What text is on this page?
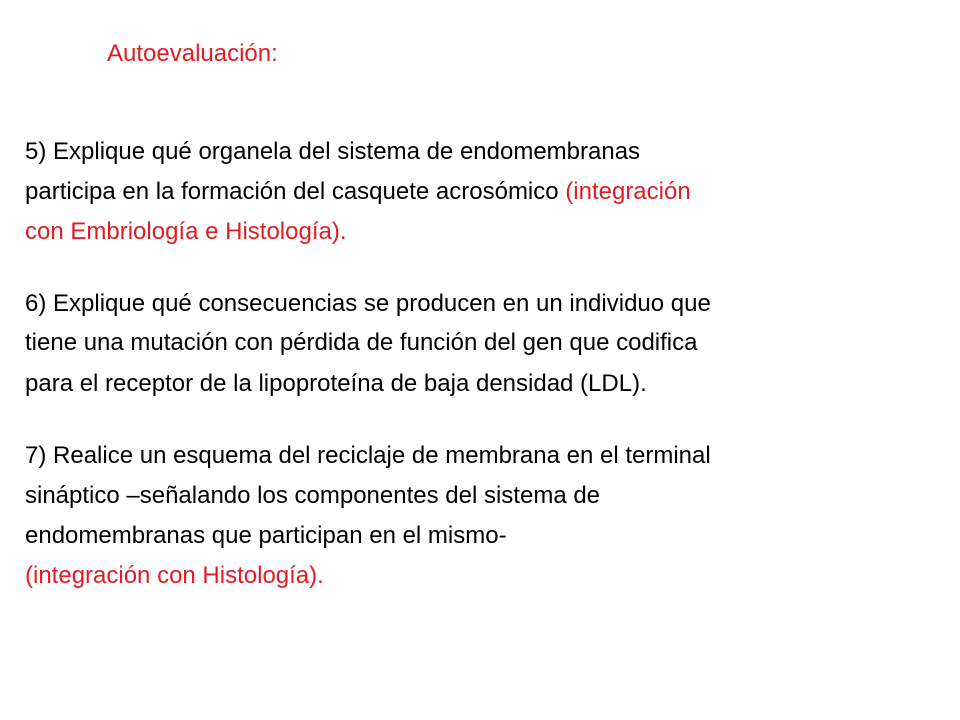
Autoevaluación:
5) Explique qué organela del sistema de endomembranas
participa en la formación del casquete acrosómico (integración
con Embriología e Histología).
6) Explique qué consecuencias se producen en un individuo que
tiene una mutación con pérdida de función del gen que codifica
para el receptor de la lipoproteína de baja densidad (LDL).
7) Realice un esquema del reciclaje de membrana en el terminal
sináptico –señalando los componentes del sistema de
endomembranas que participan en el mismo-
(integración con Histología).
